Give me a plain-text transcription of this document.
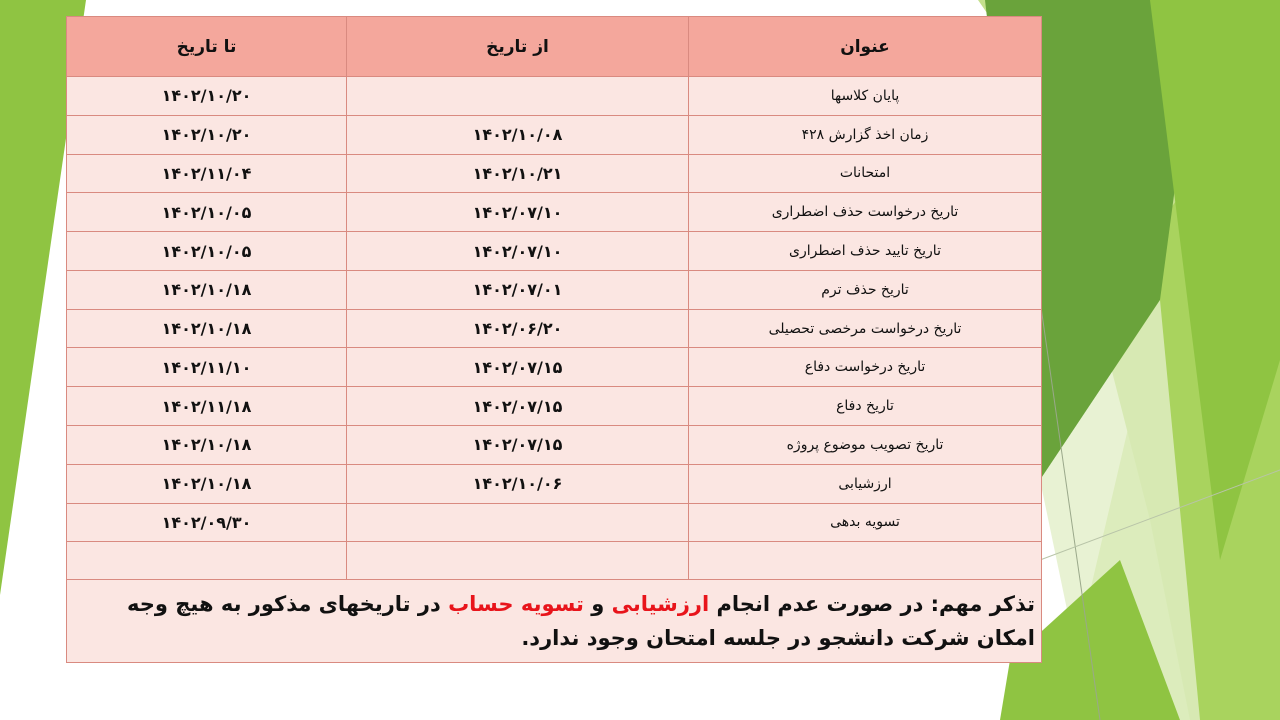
عنوان	از تاریخ	تا تاریخ
پایان کلاسها		۱۴۰۲/۱۰/۲۰
زمان اخذ گزارش ۴۲۸	۱۴۰۲/۱۰/۰۸	۱۴۰۲/۱۰/۲۰
امتحانات	۱۴۰۲/۱۰/۲۱	۱۴۰۲/۱۱/۰۴
تاریخ درخواست حذف اضطراری	۱۴۰۲/۰۷/۱۰	۱۴۰۲/۱۰/۰۵
تاریخ تایید حذف اضطراری	۱۴۰۲/۰۷/۱۰	۱۴۰۲/۱۰/۰۵
تاریخ حذف ترم	۱۴۰۲/۰۷/۰۱	۱۴۰۲/۱۰/۱۸
تاریخ درخواست مرخصی تحصیلی	۱۴۰۲/۰۶/۲۰	۱۴۰۲/۱۰/۱۸
تاریخ درخواست دفاع	۱۴۰۲/۰۷/۱۵	۱۴۰۲/۱۱/۱۰
تاریخ دفاع	۱۴۰۲/۰۷/۱۵	۱۴۰۲/۱۱/۱۸
تاریخ تصویب موضوع پروژه	۱۴۰۲/۰۷/۱۵	۱۴۰۲/۱۰/۱۸
ارزشیابی	۱۴۰۲/۱۰/۰۶	۱۴۰۲/۱۰/۱۸
تسویه بدهی		۱۴۰۲/۰۹/۳۰

تذکر مهم: در صورت عدم انجام ارزشیابی و تسویه حساب در تاریخهای مذکور به هیچ وجه امکان شرکت دانشجو در جلسه امتحان وجود ندارد.		
